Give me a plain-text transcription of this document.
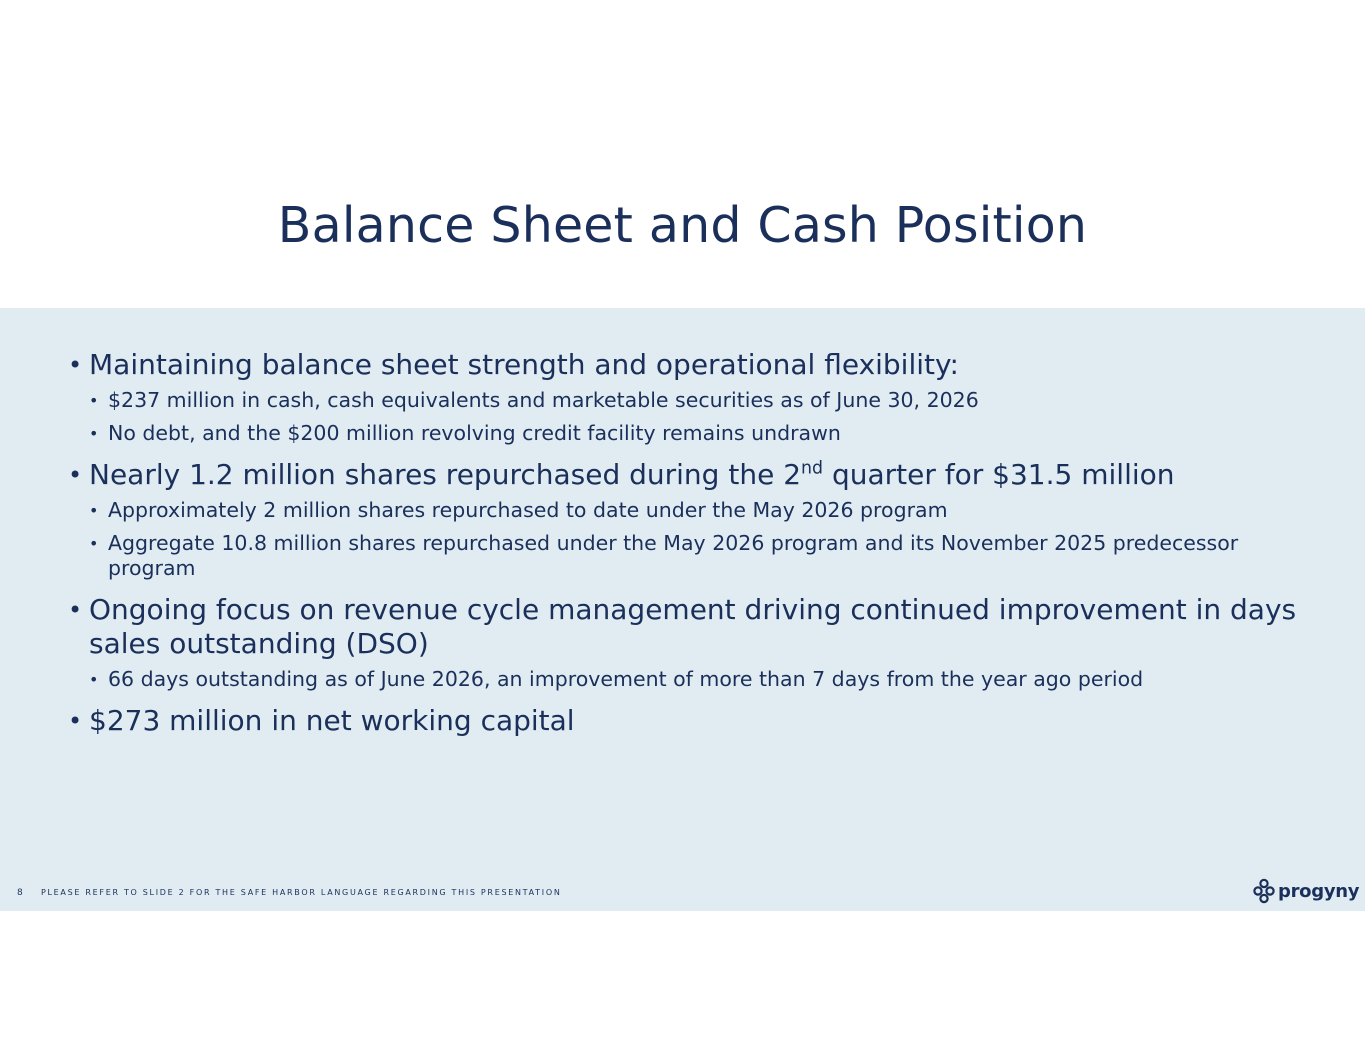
Balance Sheet and Cash Position
• Maintaining balance sheet strength and operational flexibility:
• $237 million in cash, cash equivalents and marketable securities as of June 30, 2026
• No debt, and the $200 million revolving credit facility remains undrawn
• Nearly 1.2 million shares repurchased during the 2nd quarter for $31.5 million
• Approximately 2 million shares repurchased to date under the May 2026 program
• Aggregate 10.8 million shares repurchased under the May 2026 program and its November 2025 predecessor program
• Ongoing focus on revenue cycle management driving continued improvement in days sales outstanding (DSO)
• 66 days outstanding as of June 2026, an improvement of more than 7 days from the year ago period
• $273 million in net working capital
8 PLEASE REFER TO SLIDE 2 FOR THE SAFE HARBOR LANGUAGE REGARDING THIS PRESENTATION	progyny
